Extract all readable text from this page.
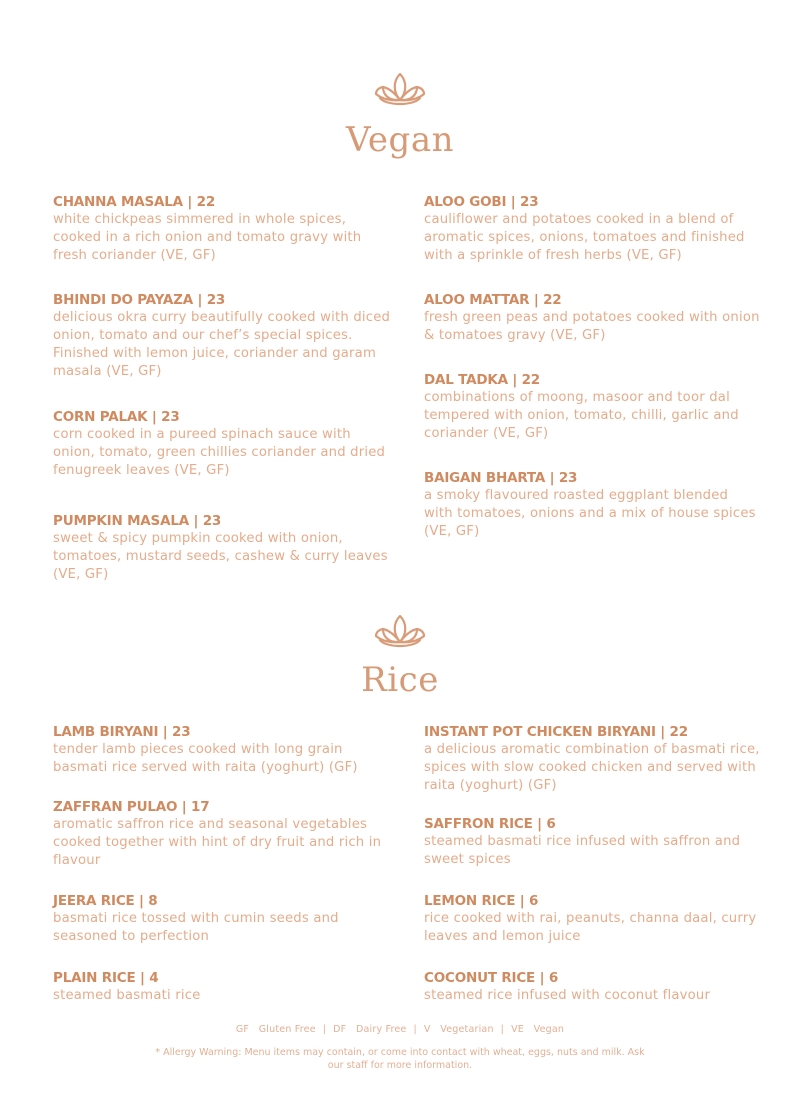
Vegan

CHANNA MASALA | 22

white chickpeas simmered in whole spices, cooked in a rich onion and tomato gravy with fresh coriander (VE, GF)

BHINDI DO PAYAZA | 23

delicious okra curry beautifully cooked with diced onion, tomato and our chef’s special spices. Finished with lemon juice, coriander and garam masala (VE, GF)

CORN PALAK | 23

corn cooked in a pureed spinach sauce with onion, tomato, green chillies coriander and dried fenugreek leaves (VE, GF)

PUMPKIN MASALA | 23

sweet & spicy pumpkin cooked with onion, tomatoes, mustard seeds, cashew & curry leaves (VE, GF)

ALOO GOBI | 23

cauliflower and potatoes cooked in a blend of aromatic spices, onions, tomatoes and finished with a sprinkle of fresh herbs (VE, GF)

ALOO MATTAR | 22

fresh green peas and potatoes cooked with onion & tomatoes gravy (VE, GF)

DAL TADKA | 22

combinations of moong, masoor and toor dal tempered with onion, tomato, chilli, garlic and coriander (VE, GF)

BAIGAN BHARTA | 23

a smoky flavoured roasted eggplant blended with tomatoes, onions and a mix of house spices (VE, GF)

Rice

LAMB BIRYANI | 23

tender lamb pieces cooked with long grain basmati rice served with raita (yoghurt) (GF)

ZAFFRAN PULAO | 17

aromatic saffron rice and seasonal vegetables cooked together with hint of dry fruit and rich in flavour

JEERA RICE | 8

basmati rice tossed with cumin seeds and seasoned to perfection

PLAIN RICE | 4

steamed basmati rice

INSTANT POT CHICKEN BIRYANI | 22

a delicious aromatic combination of basmati rice, spices with slow cooked chicken and served with raita (yoghurt) (GF)

SAFFRON RICE | 6

steamed basmati rice infused with saffron and sweet spices

LEMON RICE | 6

rice cooked with rai, peanuts, channa daal, curry leaves and lemon juice

COCONUT RICE | 6

steamed rice infused with coconut flavour

GF   Gluten Free | DF   Dairy Free | V   Vegetarian | VE   Vegan
* Allergy Warning: Menu items may contain, or come into contact with wheat, eggs, nuts and milk. Ask our staff for more information.
